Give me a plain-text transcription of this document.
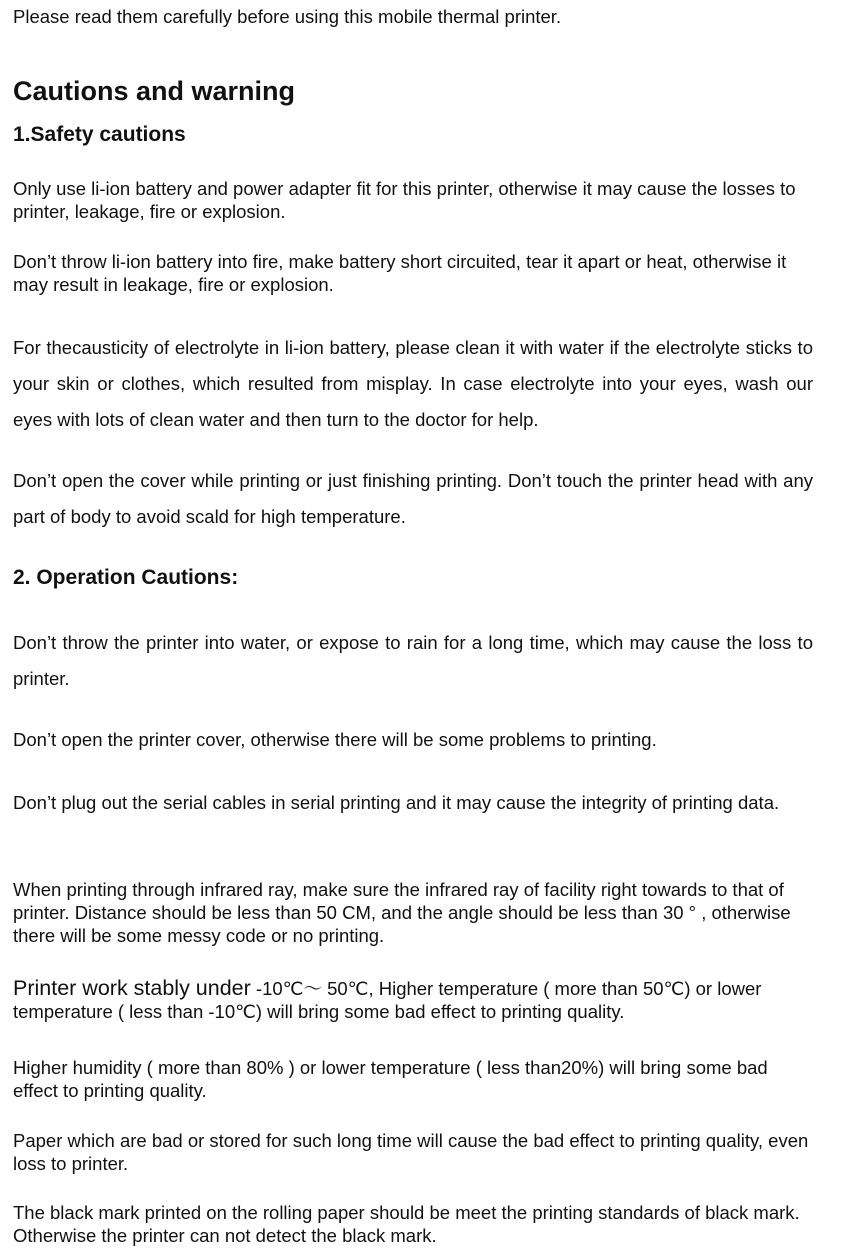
Please read them carefully before using this mobile thermal printer.

Cautions and warning
1.Safety cautions

Only use li-ion battery and power adapter fit for this printer, otherwise it may cause the losses to printer, leakage, fire or explosion.

Don’t throw li-ion battery into fire, make battery short circuited, tear it apart or heat, otherwise it may result in leakage, fire or explosion.

For thecausticity of electrolyte in li-ion battery, please clean it with water if the electrolyte sticks to your skin or clothes, which resulted from misplay. In case electrolyte into your eyes, wash our eyes with lots of clean water and then turn to the doctor for help.

Don’t open the cover while printing or just finishing printing. Don’t touch the printer head with any part of body to avoid scald for high temperature.

2. Operation Cautions:

Don’t throw the printer into water, or expose to rain for a long time, which may cause the loss to printer.

Don’t open the printer cover, otherwise there will be some problems to printing.

Don’t plug out the serial cables in serial printing and it may cause the integrity of printing data.

When printing through infrared ray, make sure the infrared ray of facility right towards to that of printer. Distance should be less than 50 CM, and the angle should be less than 30 ° , otherwise there will be some messy code or no printing.

Printer work stably under -10℃～ 50℃, Higher temperature ( more than 50℃) or lower temperature ( less than -10℃) will bring some bad effect to printing quality.

Higher humidity ( more than 80% ) or lower temperature ( less than20%) will bring some bad effect to printing quality.

Paper which are bad or stored for such long time will cause the bad effect to printing quality, even loss to printer.

The black mark printed on the rolling paper should be meet the printing standards of black mark. Otherwise the printer can not detect the black mark.
